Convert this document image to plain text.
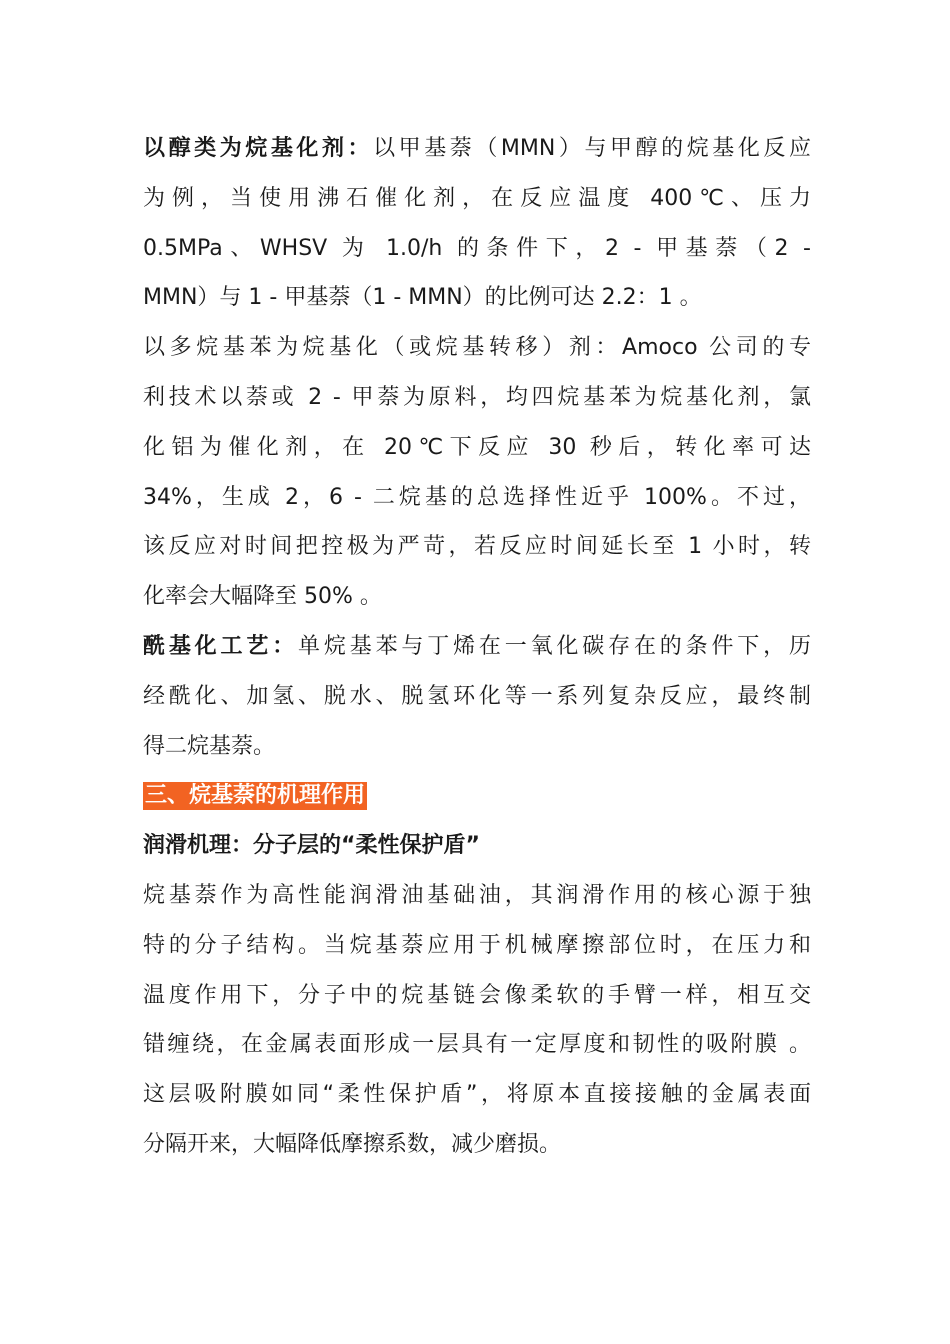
以醇类为烷基化剂：以甲基萘（MMN）与甲醇的烷基化反应
为例，当使用沸石催化剂，在反应温度 400℃、压力
0.5MPa、WHSV 为 1.0/h 的条件下，2 - 甲基萘（2 -
MMN）与 1 - 甲基萘（1 - MMN）的比例可达 2.2：1 。
以多烷基苯为烷基化（或烷基转移）剂：Amoco 公司的专
利技术以萘或 2 - 甲萘为原料，均四烷基苯为烷基化剂，氯
化铝为催化剂，在 20℃下反应 30 秒后，转化率可达
34%，生成 2，6 - 二烷基的总选择性近乎 100%。不过，
该反应对时间把控极为严苛，若反应时间延长至 1 小时，转
化率会大幅降至 50% 。
酰基化工艺：单烷基苯与丁烯在一氧化碳存在的条件下，历
经酰化、加氢、脱水、脱氢环化等一系列复杂反应，最终制
得二烷基萘。
三、烷基萘的机理作用
润滑机理：分子层的“柔性保护盾”
烷基萘作为高性能润滑油基础油，其润滑作用的核心源于独
特的分子结构。当烷基萘应用于机械摩擦部位时，在压力和
温度作用下，分子中的烷基链会像柔软的手臂一样，相互交
错缠绕，在金属表面形成一层具有一定厚度和韧性的吸附膜 。
这层吸附膜如同“柔性保护盾”，将原本直接接触的金属表面
分隔开来，大幅降低摩擦系数，减少磨损。
